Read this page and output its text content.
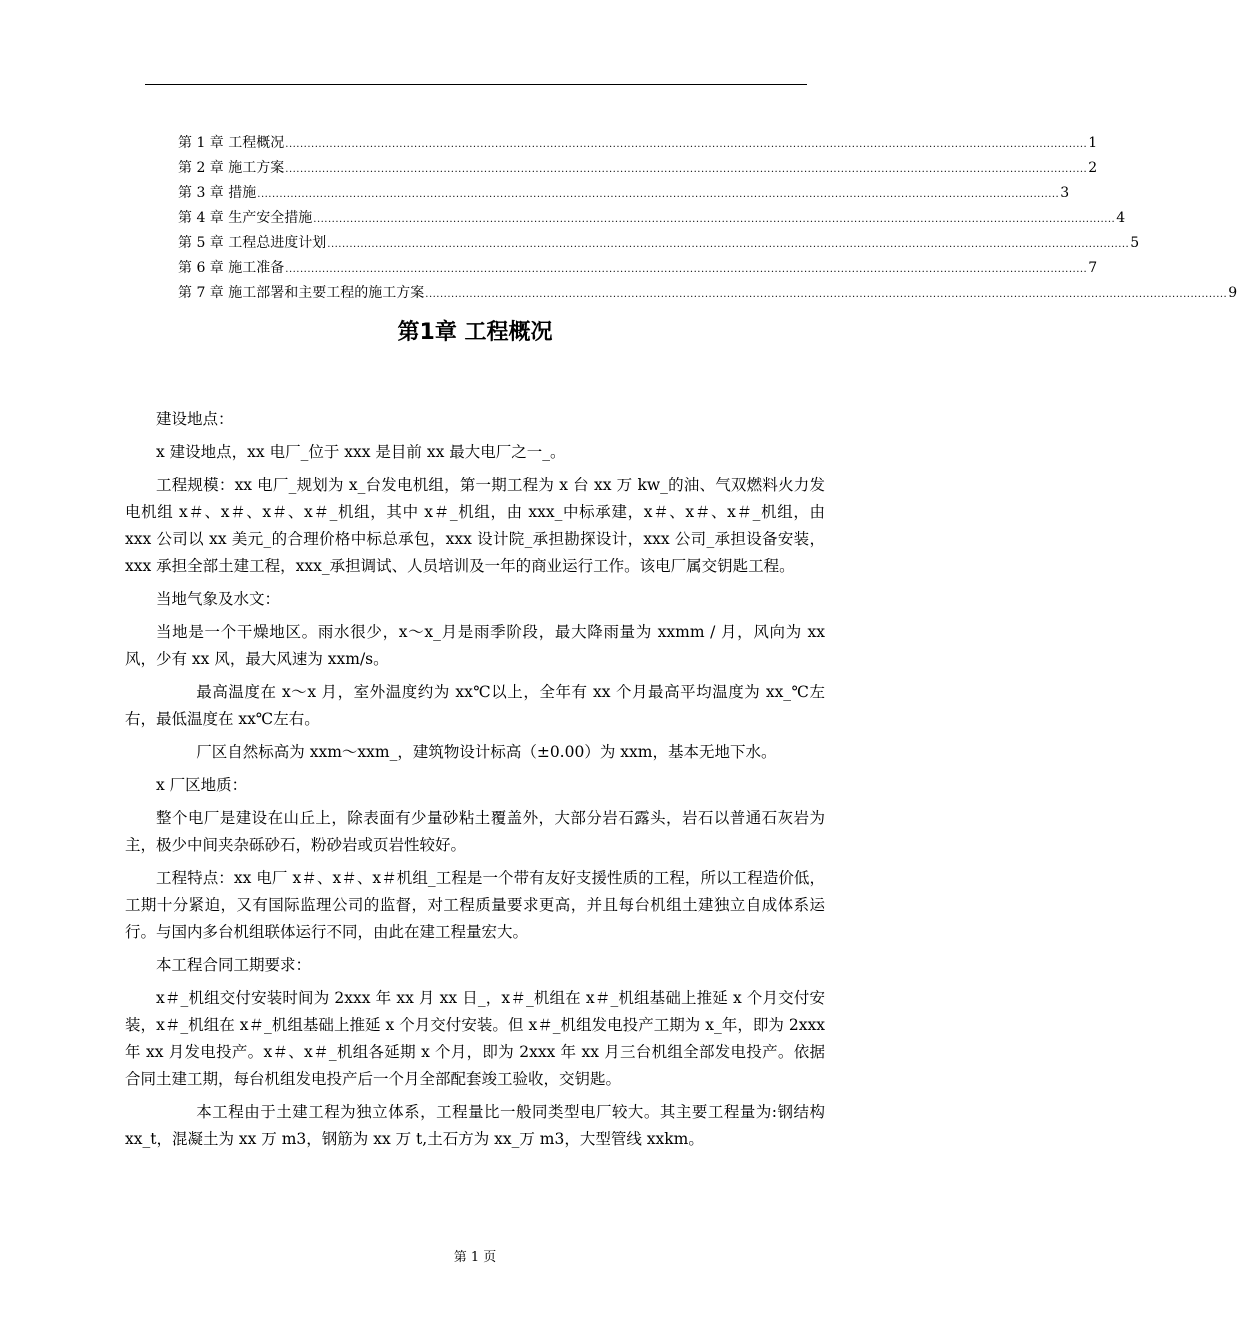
第 1 章 工程概况 .......................................................................................................................................................................................................................... 1
第 2 章 施工方案 .......................................................................................................................................................................................................................... 2
第 3 章 措施 .......................................................................................................................................................................................................................... 3
第 4 章 生产安全措施 .......................................................................................................................................................................................................................... 4
第 5 章 工程总进度计划 .......................................................................................................................................................................................................................... 5
第 6 章 施工准备 .......................................................................................................................................................................................................................... 7
第 7 章 施工部署和主要工程的施工方案 .......................................................................................................................................................................................................................... 9
第1章 工程概况

建设地点：

x 建设地点，xx 电厂_位于 xxx 是目前 xx 最大电厂之一_。

工程规模：xx 电厂_规划为 x_台发电机组，第一期工程为 x 台 xx 万 kw_的油、气双燃料火力发电机组 x＃、x＃、x＃、x＃_机组，其中 x＃_机组，由 xxx_中标承建，x＃、x＃、x＃_机组，由 xxx 公司以 xx 美元_的合理价格中标总承包，xxx 设计院_承担勘探设计，xxx 公司_承担设备安装，xxx 承担全部土建工程，xxx_承担调试、人员培训及一年的商业运行工作。该电厂属交钥匙工程。

当地气象及水文：

当地是一个干燥地区。雨水很少，x～x_月是雨季阶段，最大降雨量为 xxmm / 月，风向为 xx 风，少有 xx 风，最大风速为 xxm/s。

最高温度在 x～x 月，室外温度约为 xx℃以上，全年有 xx 个月最高平均温度为 xx_℃左右，最低温度在 xx℃左右。

厂区自然标高为 xxm～xxm_，建筑物设计标高（±0.00）为 xxm，基本无地下水。

x 厂区地质：

整个电厂是建设在山丘上，除表面有少量砂粘土覆盖外，大部分岩石露头，岩石以普通石灰岩为主，极少中间夹杂砾砂石，粉砂岩或页岩性较好。

工程特点：xx 电厂 x＃、x＃、x＃机组_工程是一个带有友好支援性质的工程，所以工程造价低，工期十分紧迫，又有国际监理公司的监督，对工程质量要求更高，并且每台机组土建独立自成体系运行。与国内多台机组联体运行不同，由此在建工程量宏大。

本工程合同工期要求：

x＃_机组交付安装时间为 2xxx 年 xx 月 xx 日_，x＃_机组在 x＃_机组基础上推延 x 个月交付安装，x＃_机组在 x＃_机组基础上推延 x 个月交付安装。但 x＃_机组发电投产工期为 x_年，即为 2xxx 年 xx 月发电投产。x＃、x＃_机组各延期 x 个月，即为 2xxx 年 xx 月三台机组全部发电投产。依据合同土建工期，每台机组发电投产后一个月全部配套竣工验收，交钥匙。

本工程由于土建工程为独立体系，工程量比一般同类型电厂较大。其主要工程量为:钢结构 xx_t，混凝土为 xx 万 m3，钢筋为 xx 万 t,土石方为 xx_万 m3，大型管线 xxkm。

第 1 页
